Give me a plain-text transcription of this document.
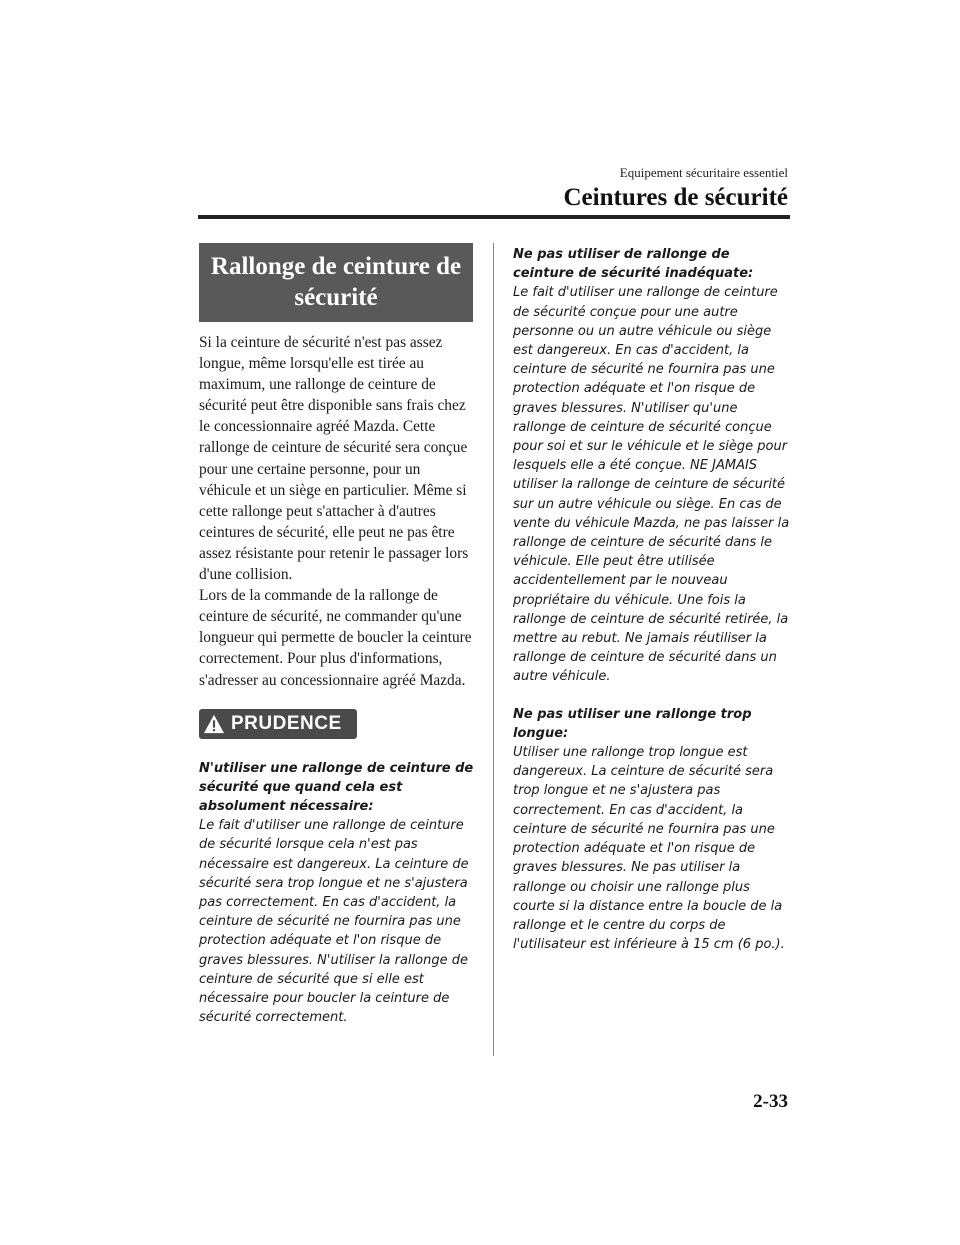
Equipement sécuritaire essentiel
Ceintures de sécurité
Rallonge de ceinture de sécurité

Si la ceinture de sécurité n'est pas assez longue, même lorsqu'elle est tirée au maximum, une rallonge de ceinture de sécurité peut être disponible sans frais chez le concessionnaire agréé Mazda. Cette rallonge de ceinture de sécurité sera conçue pour une certaine personne, pour un véhicule et un siège en particulier. Même si cette rallonge peut s'attacher à d'autres ceintures de sécurité, elle peut ne pas être assez résistante pour retenir le passager lors d'une collision.

Lors de la commande de la rallonge de ceinture de sécurité, ne commander qu'une longueur qui permette de boucler la ceinture correctement. Pour plus d'informations, s'adresser au concessionnaire agréé Mazda.

PRUDENCE

N'utiliser une rallonge de ceinture de sécurité que quand cela est absolument nécessaire:

Le fait d'utiliser une rallonge de ceinture de sécurité lorsque cela n'est pas nécessaire est dangereux. La ceinture de sécurité sera trop longue et ne s'ajustera pas correctement. En cas d'accident, la ceinture de sécurité ne fournira pas une protection adéquate et l'on risque de graves blessures. N'utiliser la rallonge de ceinture de sécurité que si elle est nécessaire pour boucler la ceinture de sécurité correctement.

Ne pas utiliser de rallonge de ceinture de sécurité inadéquate:

Le fait d'utiliser une rallonge de ceinture de sécurité conçue pour une autre personne ou un autre véhicule ou siège est dangereux. En cas d'accident, la ceinture de sécurité ne fournira pas une protection adéquate et l'on risque de graves blessures. N'utiliser qu'une rallonge de ceinture de sécurité conçue pour soi et sur le véhicule et le siège pour lesquels elle a été conçue. NE JAMAIS utiliser la rallonge de ceinture de sécurité sur un autre véhicule ou siège. En cas de vente du véhicule Mazda, ne pas laisser la rallonge de ceinture de sécurité dans le véhicule. Elle peut être utilisée accidentellement par le nouveau propriétaire du véhicule. Une fois la rallonge de ceinture de sécurité retirée, la mettre au rebut. Ne jamais réutiliser la rallonge de ceinture de sécurité dans un autre véhicule.

Ne pas utiliser une rallonge trop longue:

Utiliser une rallonge trop longue est dangereux. La ceinture de sécurité sera trop longue et ne s'ajustera pas correctement. En cas d'accident, la ceinture de sécurité ne fournira pas une protection adéquate et l'on risque de graves blessures. Ne pas utiliser la rallonge ou choisir une rallonge plus courte si la distance entre la boucle de la rallonge et le centre du corps de l'utilisateur est inférieure à 15 cm (6 po.).

2-33
